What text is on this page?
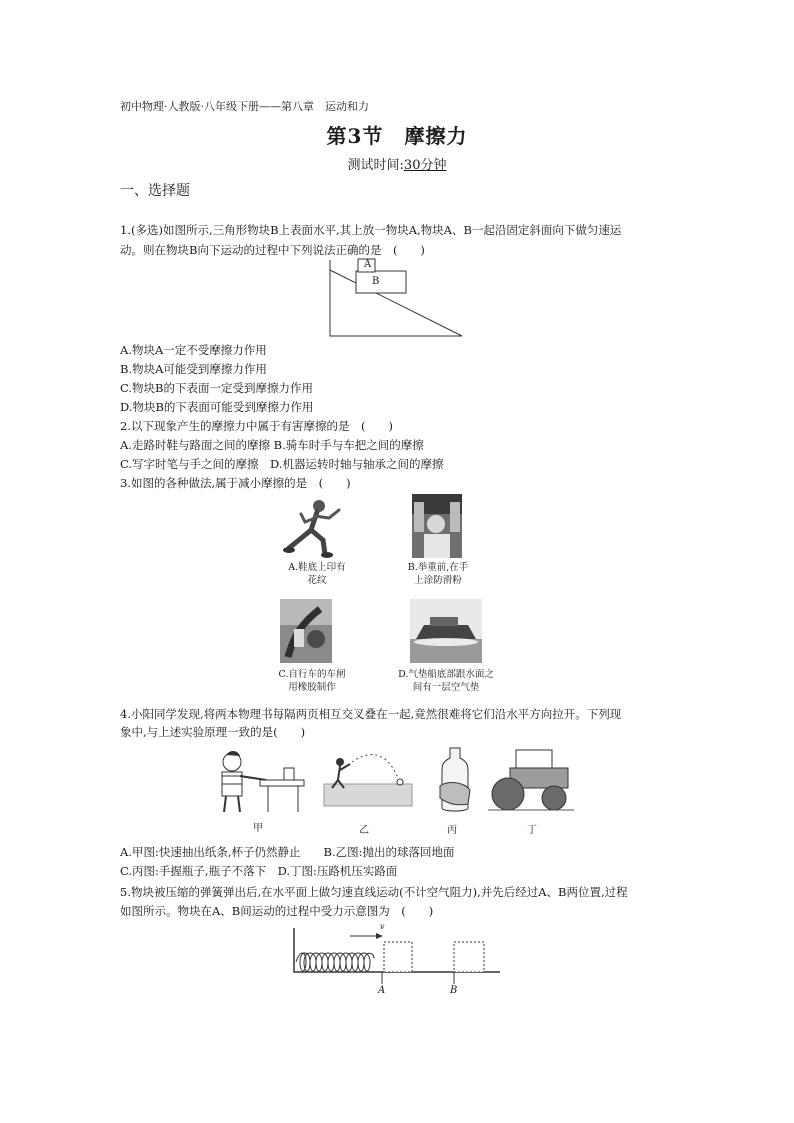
初中物理·人教版·八年级下册——第八章　运动和力
第3节　摩擦力
测试时间:30分钟
一、选择题
1.(多选)如图所示,三角形物块B上表面水平,其上放一物块A,物块A、B一起沿固定斜面向下做匀速运
动。则在物块B向下运动的过程中下列说法正确的是　(　　)
A
B
A.物块A一定不受摩擦力作用
B.物块A可能受到摩擦力作用
C.物块B的下表面一定受到摩擦力作用
D.物块B的下表面可能受到摩擦力作用
2.以下现象产生的摩擦力中属于有害摩擦的是　(　　)
A.走路时鞋与路面之间的摩擦 B.骑车时手与车把之间的摩擦
C.写字时笔与手之间的摩擦　D.机器运转时轴与轴承之间的摩擦
3.如图的各种做法,属于减小摩擦的是　(　　)
A.鞋底上印有
花纹
B.举重前,在手
上涂防滑粉
C.自行车的车闸
用橡胶制作
D.气垫船底部跟水面之
间有一层空气垫
4.小阳同学发现,将两本物理书每隔两页相互交叉叠在一起,竟然很难将它们沿水平方向拉开。下列现
象中,与上述实验原理一致的是(　　)
甲	乙	丙	丁
A.甲图:快速抽出纸条,杯子仍然静止　　B.乙图:抛出的球落回地面
C.丙图:手握瓶子,瓶子不落下　D.丁图:压路机压实路面
5.物块被压缩的弹簧弹出后,在水平面上做匀速直线运动(不计空气阻力),并先后经过A、B两位置,过程
如图所示。物块在A、B间运动的过程中受力示意图为　(　　)
v
A	B
